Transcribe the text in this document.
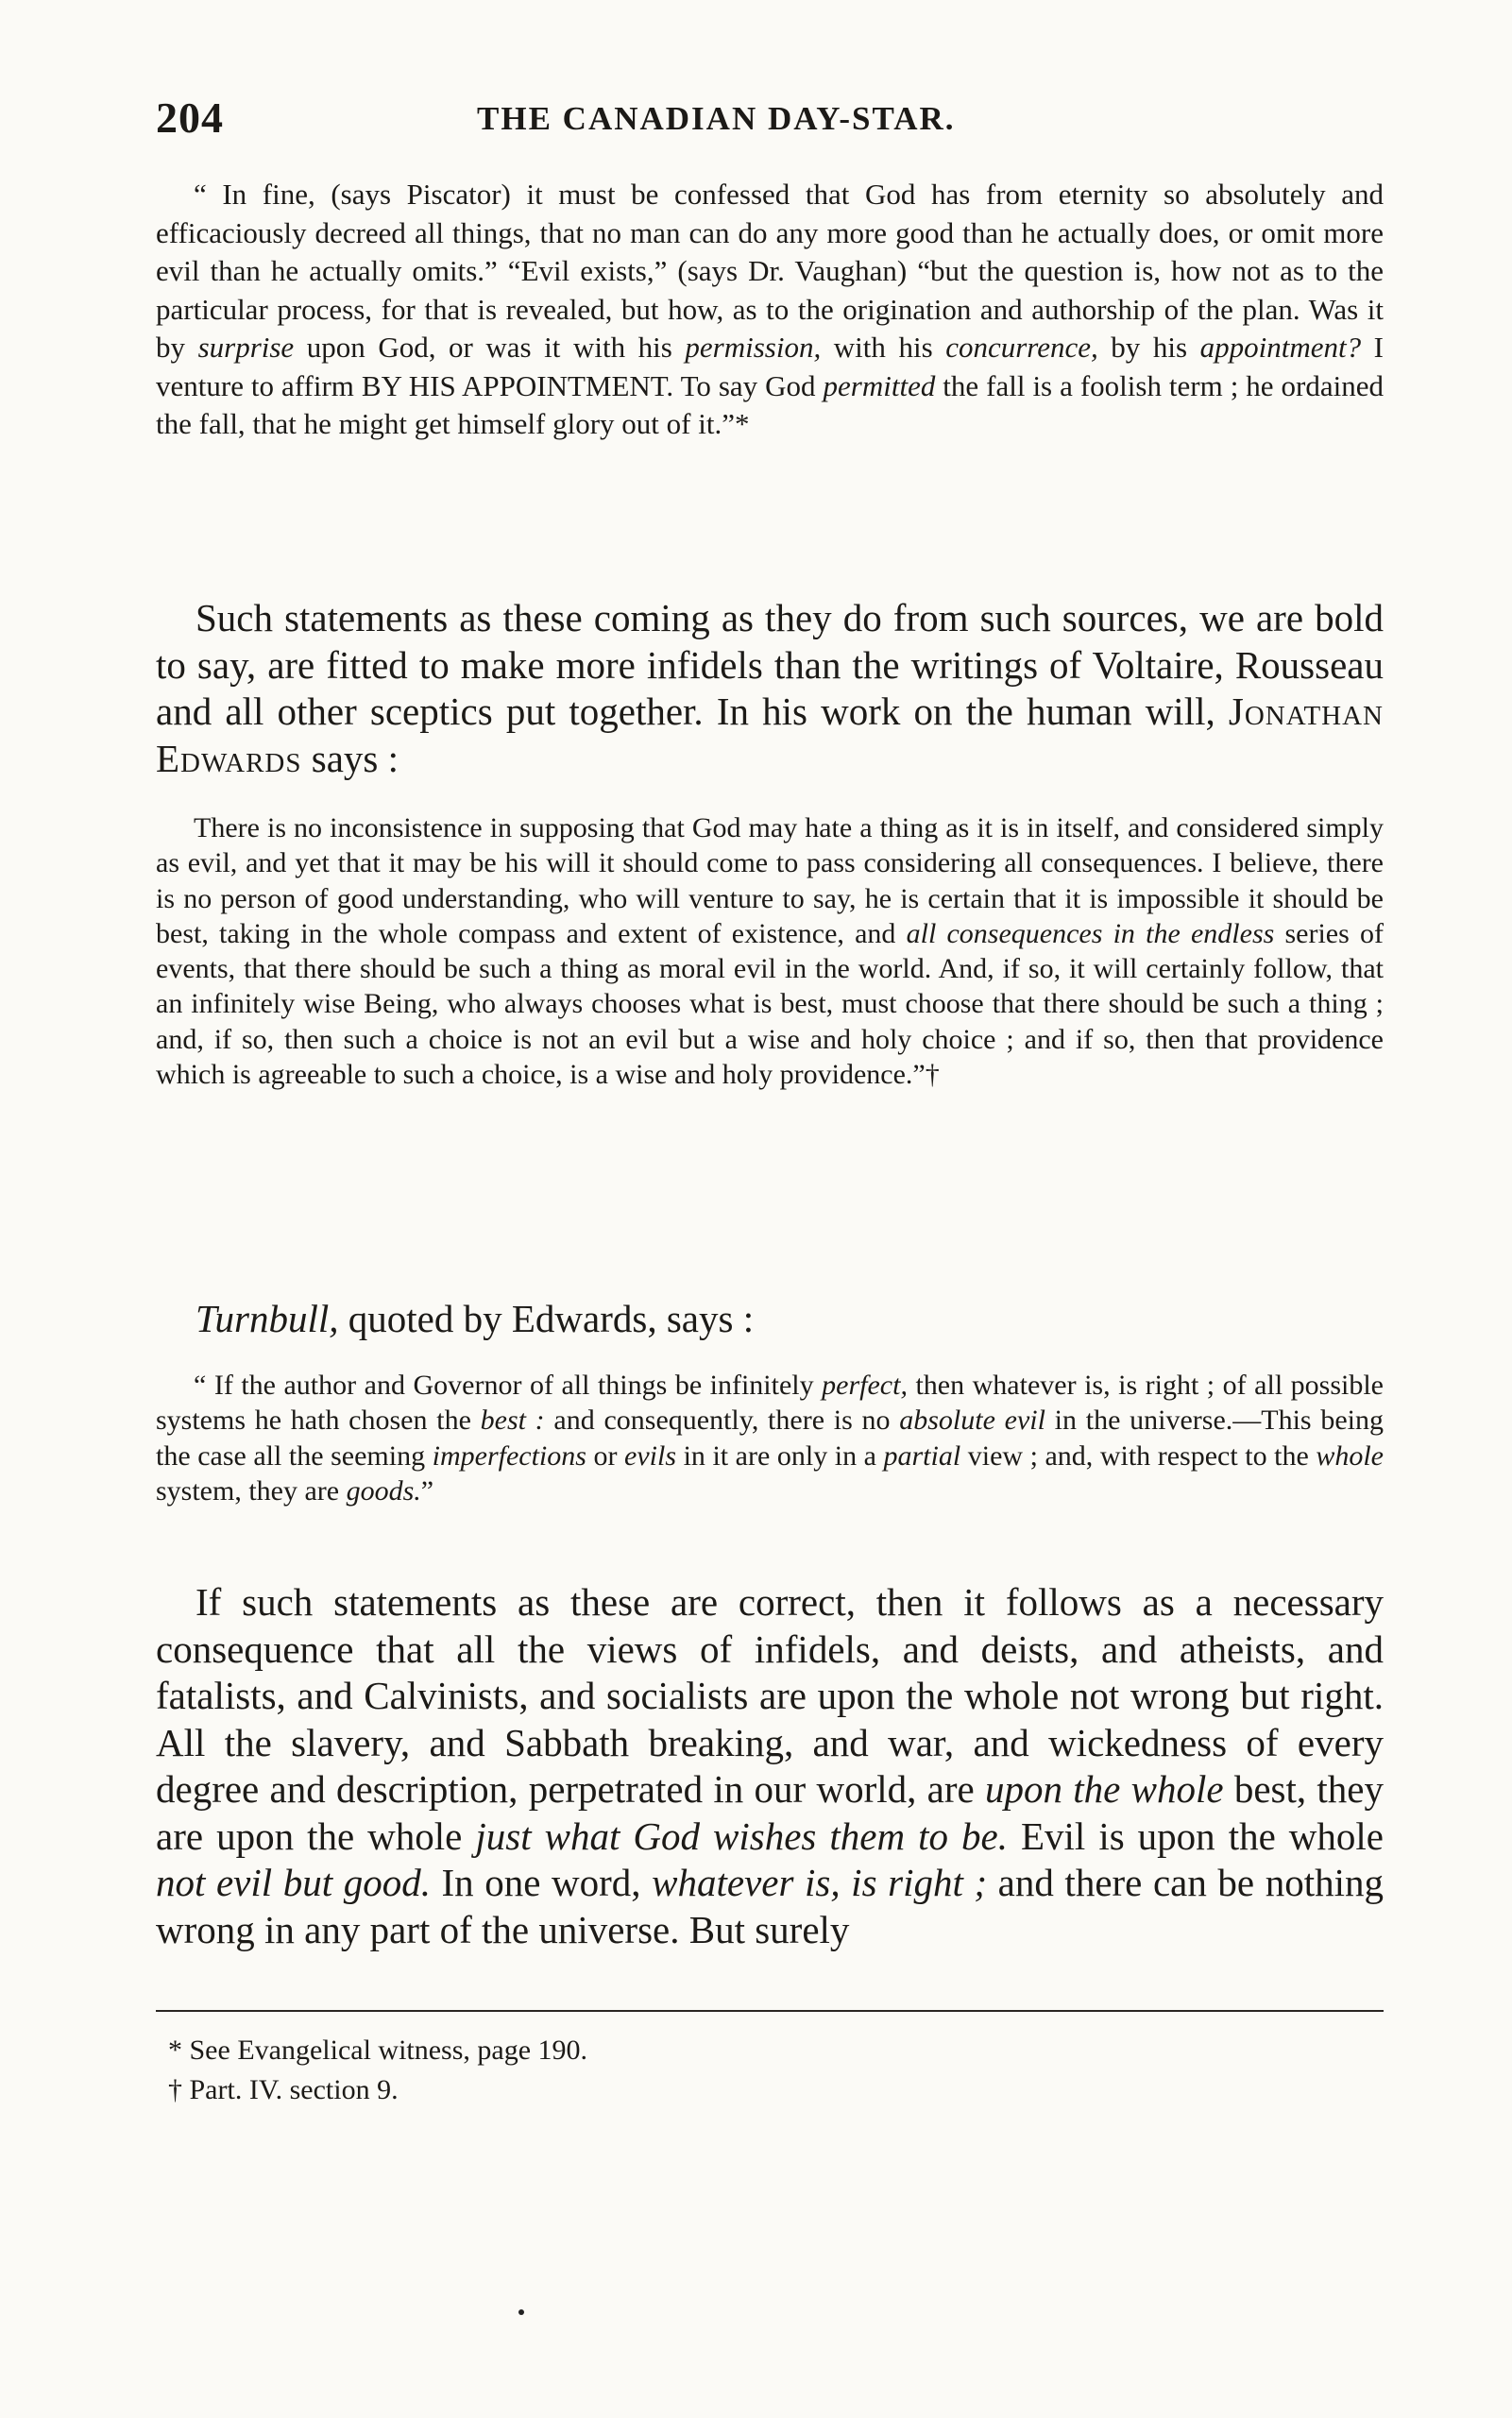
204	THE CANADIAN DAY-STAR.

“ In fine, (says Piscator) it must be confessed that God has from eternity so absolutely and efficaciously decreed all things, that no man can do any more good than he actually does, or omit more evil than he actually omits.” “Evil exists,” (says Dr. Vaughan) “but the question is, how not as to the particular process, for that is revealed, but how, as to the origination and authorship of the plan. Was it by surprise upon God, or was it with his permission, with his concurrence, by his appointment? I venture to affirm BY HIS APPOINTMENT. To say God permitted the fall is a foolish term ; he ordained the fall, that he might get himself glory out of it.”*

Such statements as these coming as they do from such sources, we are bold to say, are fitted to make more infidels than the writings of Voltaire, Rousseau and all other sceptics put together. In his work on the human will, Jonathan Edwards says :

There is no inconsistence in supposing that God may hate a thing as it is in itself, and considered simply as evil, and yet that it may be his will it should come to pass considering all consequences. I believe, there is no person of good understanding, who will venture to say, he is certain that it is impossible it should be best, taking in the whole compass and extent of existence, and all consequences in the endless series of events, that there should be such a thing as moral evil in the world. And, if so, it will certainly follow, that an infinitely wise Being, who always chooses what is best, must choose that there should be such a thing ; and, if so, then such a choice is not an evil but a wise and holy choice ; and if so, then that providence which is agreeable to such a choice, is a wise and holy providence.”†

Turnbull, quoted by Edwards, says :

“ If the author and Governor of all things be infinitely perfect, then whatever is, is right ; of all possible systems he hath chosen the best : and consequently, there is no absolute evil in the universe.—This being the case all the seeming imperfections or evils in it are only in a partial view ; and, with respect to the whole system, they are goods.”

If such statements as these are correct, then it follows as a necessary consequence that all the views of infidels, and deists, and atheists, and fatalists, and Calvinists, and socialists are upon the whole not wrong but right. All the slavery, and Sabbath breaking, and war, and wickedness of every degree and description, perpetrated in our world, are upon the whole best, they are upon the whole just what God wishes them to be. Evil is upon the whole not evil but good. In one word, whatever is, is right ; and there can be nothing wrong in any part of the universe. But surely

* See Evangelical witness, page 190.
† Part. IV. section 9.
